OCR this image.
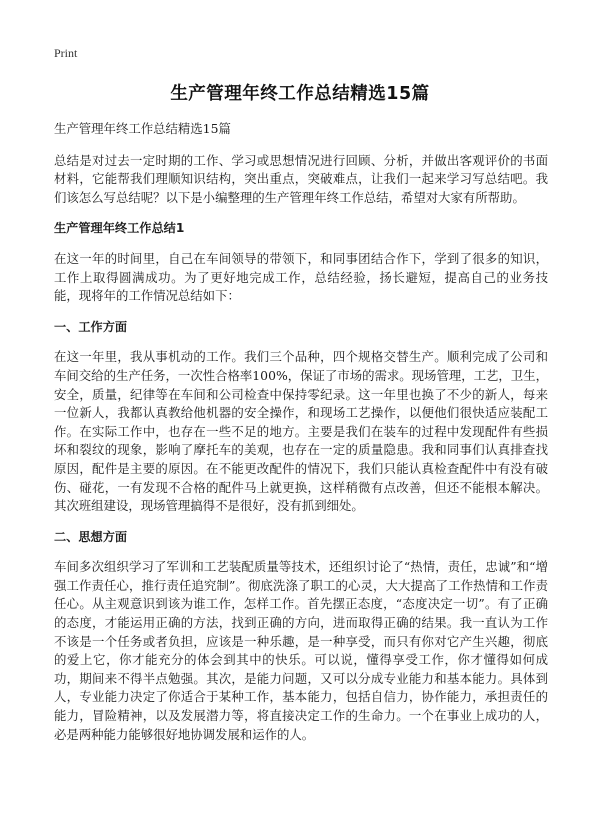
Print
生产管理年终工作总结精选15篇

生产管理年终工作总结精选15篇

总结是对过去一定时期的工作、学习或思想情况进行回顾、分析，并做出客观评价的书面材料，它能帮我们理顺知识结构，突出重点，突破难点，让我们一起来学习写总结吧。我们该怎么写总结呢？以下是小编整理的生产管理年终工作总结，希望对大家有所帮助。

生产管理年终工作总结1

在这一年的时间里，自己在车间领导的带领下，和同事团结合作下，学到了很多的知识，工作上取得圆满成功。为了更好地完成工作，总结经验，扬长避短，提高自己的业务技能，现将年的工作情况总结如下：

一、工作方面

在这一年里，我从事机动的工作。我们三个品种，四个规格交替生产。顺利完成了公司和车间交给的生产任务，一次性合格率100%，保证了市场的需求。现场管理，工艺，卫生，安全，质量，纪律等在车间和公司检查中保持零纪录。这一年里也换了不少的新人，每来一位新人，我都认真教给他机器的安全操作，和现场工艺操作，以便他们很快适应装配工作。在实际工作中，也存在一些不足的地方。主要是我们在装车的过程中发现配件有些损坏和裂纹的现象，影响了摩托车的美观，也存在一定的质量隐患。我和同事们认真排查找原因，配件是主要的原因。在不能更改配件的情况下，我们只能认真检查配件中有没有破伤、碰花，一有发现不合格的配件马上就更换，这样稍微有点改善，但还不能根本解决。其次班组建设，现场管理搞得不是很好，没有抓到细处。

二、思想方面

车间多次组织学习了军训和工艺装配质量等技术，还组织讨论了“热情，责任，忠诚”和“增强工作责任心，推行责任追究制”。彻底洗涤了职工的心灵，大大提高了工作热情和工作责任心。从主观意识到该为谁工作，怎样工作。首先摆正态度，“态度决定一切”。有了正确的态度，才能运用正确的方法，找到正确的方向，进而取得正确的结果。我一直认为工作不该是一个任务或者负担，应该是一种乐趣，是一种享受，而只有你对它产生兴趣，彻底的爱上它，你才能充分的体会到其中的快乐。可以说，懂得享受工作，你才懂得如何成功，期间来不得半点勉强。其次，是能力问题，又可以分成专业能力和基本能力。具体到人，专业能力决定了你适合于某种工作，基本能力，包括自信力，协作能力，承担责任的能力，冒险精神，以及发展潜力等，将直接决定工作的生命力。一个在事业上成功的人，必是两种能力能够很好地协调发展和运作的人。
